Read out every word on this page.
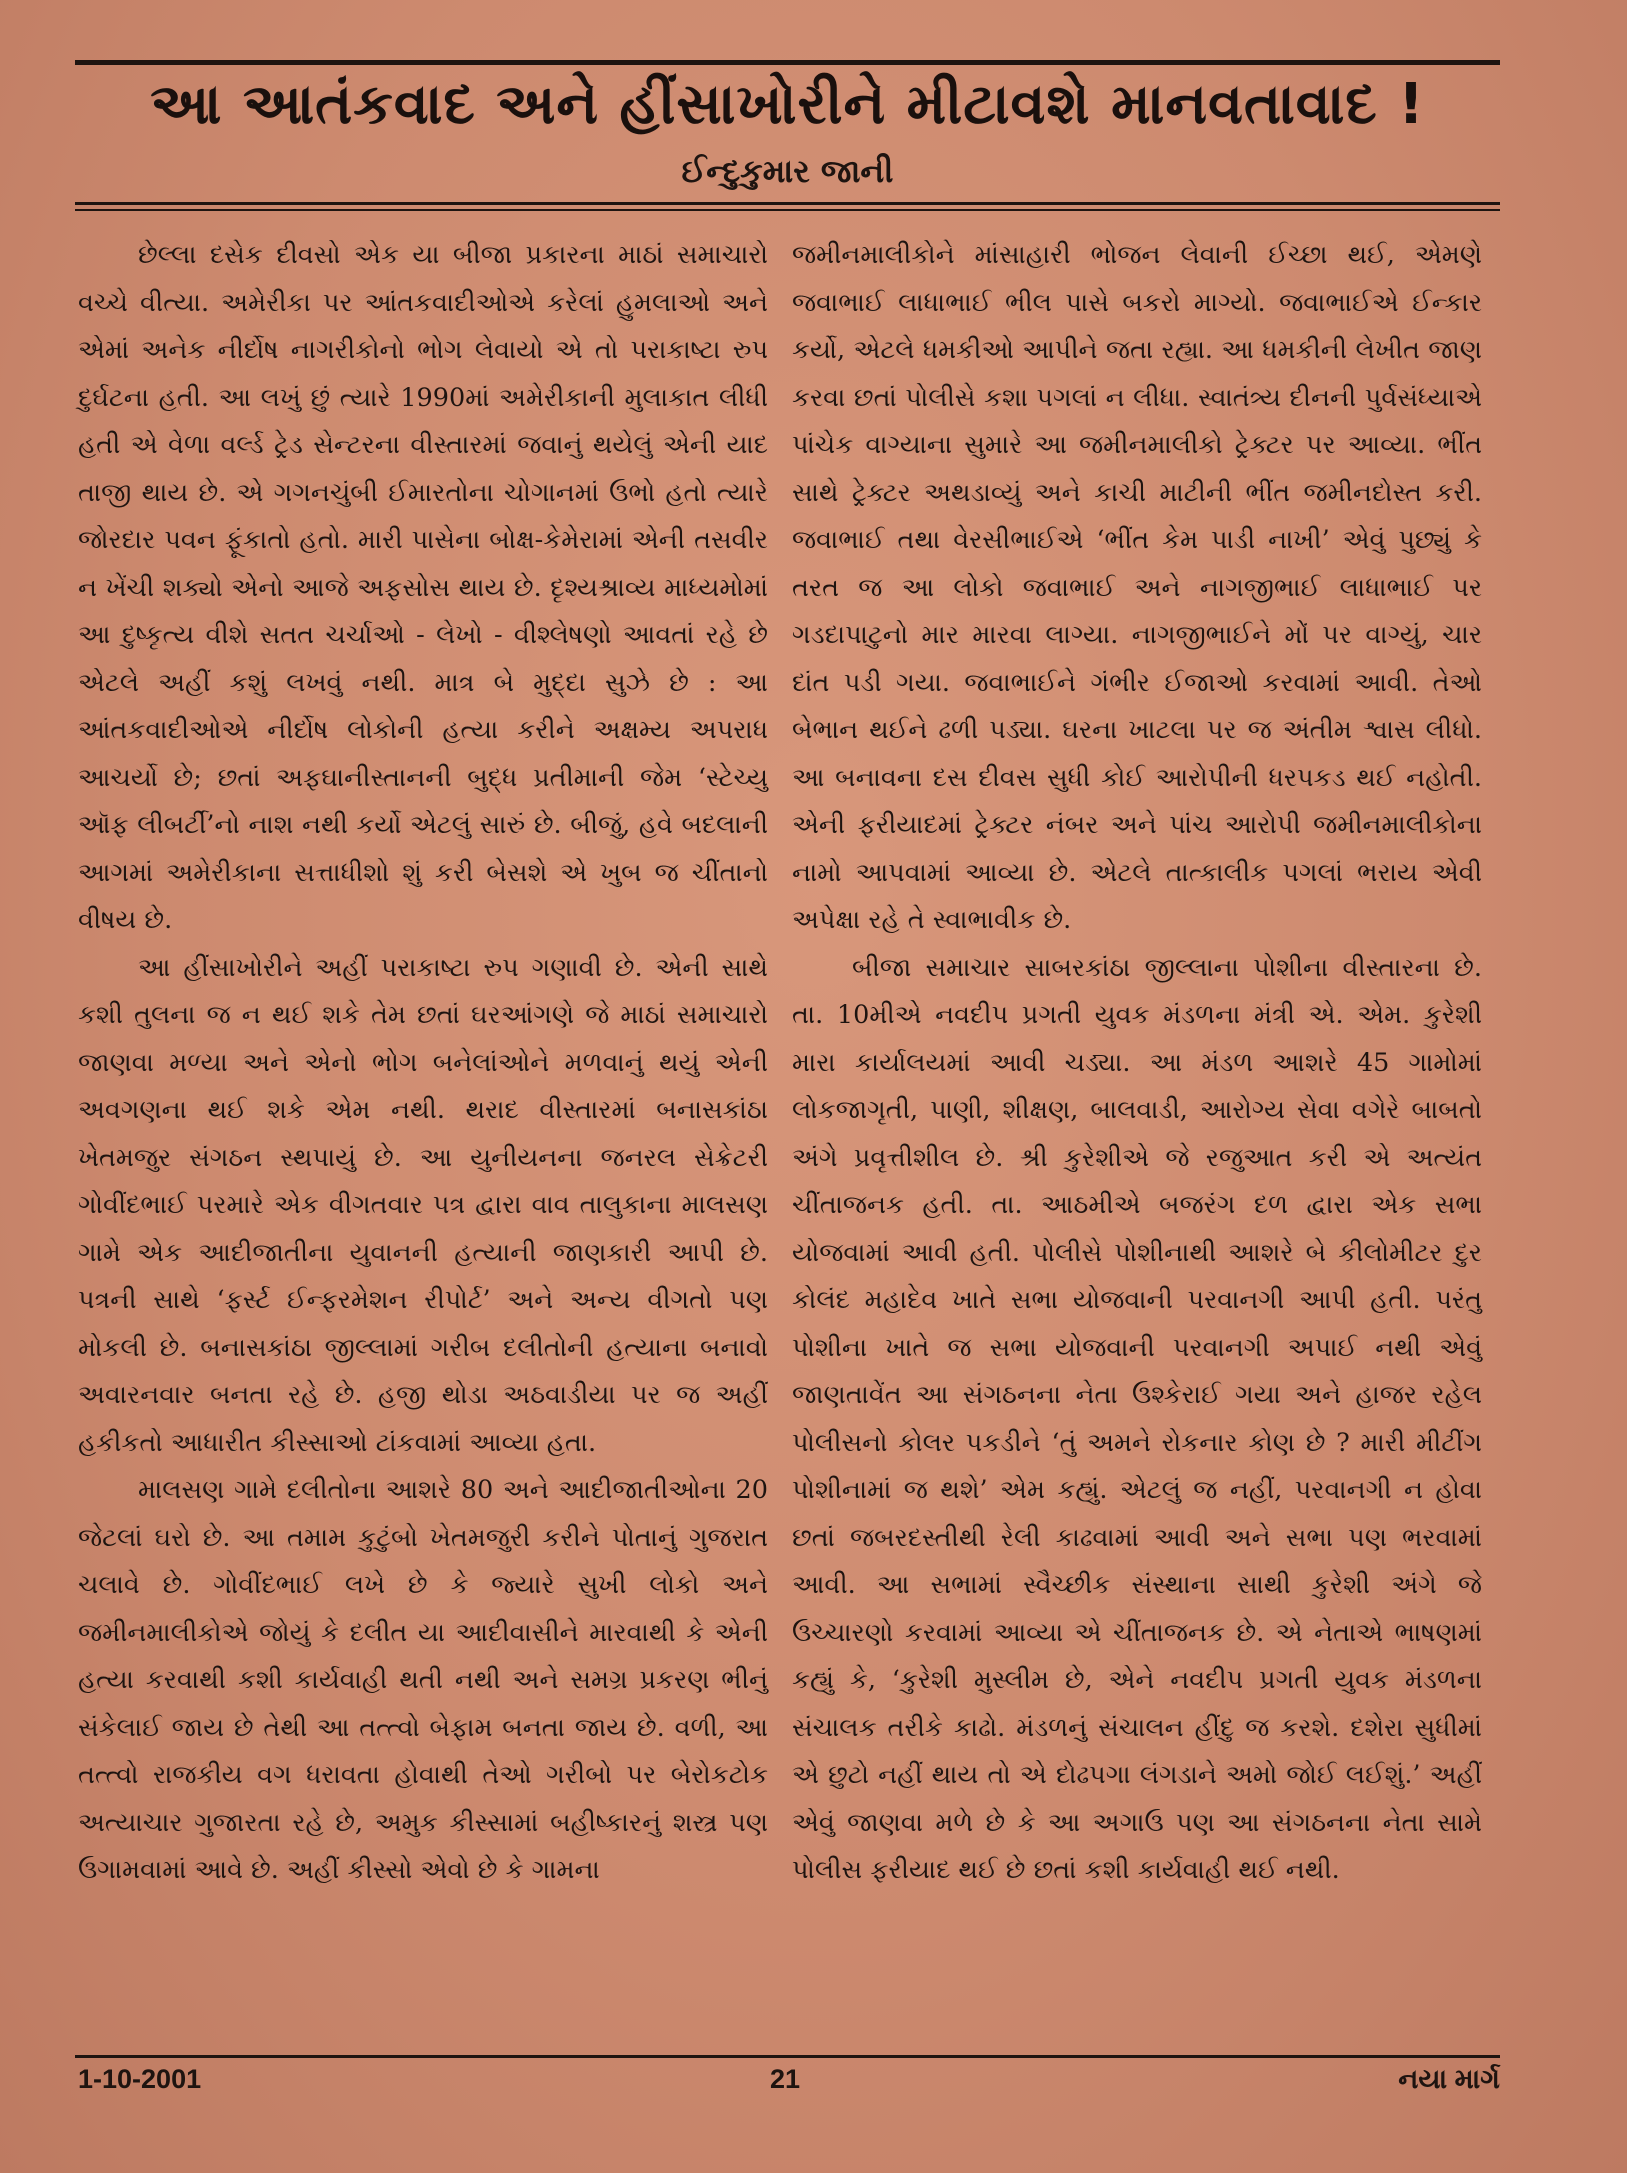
આ આતંકવાદ અને હીંસાખોરીને મીટાવશે માનવતાવાદ !
ઈન્દુકુમાર જાની

છેલ્લા દસેક દીવસો એક યા બીજા પ્રકારના માઠાં સમાચારો વચ્ચે વીત્યા. અમેરીકા પર આંતકવાદીઓએ કરેલાં હુમલાઓ અને એમાં અનેક નીર્દોષ નાગરીકોનો ભોગ લેવાયો એ તો પરાકાષ્ટા રુપ દુર્ઘટના હતી. આ લખું છું ત્યારે 1990માં અમેરીકાની મુલાકાત લીધી હતી એ વેળા વર્લ્ડ ટ્રેડ સેન્ટરના વીસ્તારમાં જવાનું થયેલું એની યાદ તાજી થાય છે. એ ગગનચુંબી ઈમારતોના ચોગાનમાં ઉભો હતો ત્યારે જોરદાર પવન ફૂંકાતો હતો. મારી પાસેના બોક્ષ-કેમેરામાં એની તસવીર ન ખેંચી શક્યો એનો આજે અફસોસ થાય છે. દૃશ્યશ્રાવ્ય માધ્યમોમાં આ દુષ્કૃત્ય વીશે સતત ચર્ચાઓ - લેખો - વીશ્લેષણો આવતાં રહે છે એટલે અહીં કશું લખવું નથી. માત્ર બે મુદ્દા સુઝે છે : આ આંતકવાદીઓએ નીર્દોષ લોકોની હત્યા કરીને અક્ષમ્ય અપરાધ આચર્યો છે; છતાં અફઘાનીસ્તાનની બુદ્ધ પ્રતીમાની જેમ ‘સ્ટેચ્યુ ઑફ લીબર્ટી’નો નાશ નથી કર્યો એટલું સારું છે. બીજું, હવે બદલાની આગમાં અમેરીકાના સત્તાધીશો શું કરી બેસશે એ ખુબ જ ચીંતાનો વીષય છે.

આ હીંસાખોરીને અહીં પરાકાષ્ટા રુપ ગણાવી છે. એની સાથે કશી તુલના જ ન થઈ શકે તેમ છતાં ઘરઆંગણે જે માઠાં સમાચારો જાણવા મળ્યા અને એનો ભોગ બનેલાંઓને મળવાનું થયું એની અવગણના થઈ શકે એમ નથી. થરાદ વીસ્તારમાં બનાસકાંઠા ખેતમજુર સંગઠન સ્થપાયું છે. આ યુનીયનના જનરલ સેક્રેટરી ગોવીંદભાઈ પરમારે એક વીગતવાર પત્ર દ્વારા વાવ તાલુકાના માલસણ ગામે એક આદીજાતીના યુવાનની હત્યાની જાણકારી આપી છે. પત્રની સાથે ‘ફર્સ્ટ ઈન્ફરમેશન રીપોર્ટ’ અને અન્ય વીગતો પણ મોકલી છે. બનાસકાંઠા જીલ્લામાં ગરીબ દલીતોની હત્યાના બનાવો અવારનવાર બનતા રહે છે. હજી થોડા અઠવાડીયા પર જ અહીં હકીકતો આધારીત કીસ્સાઓ ટાંકવામાં આવ્યા હતા.

માલસણ ગામે દલીતોના આશરે 80 અને આદીજાતીઓના 20 જેટલાં ઘરો છે. આ તમામ કુટુંબો ખેતમજુરી કરીને પોતાનું ગુજરાત ચલાવે છે. ગોવીંદભાઈ લખે છે કે જ્યારે સુખી લોકો અને જમીનમાલીકોએ જોયું કે દલીત યા આદીવાસીને મારવાથી કે એની હત્યા કરવાથી કશી કાર્યવાહી થતી નથી અને સમગ્ર પ્રકરણ ભીનું સંકેલાઈ જાય છે તેથી આ તત્ત્વો બેફામ બનતા જાય છે. વળી, આ તત્ત્વો રાજકીય વગ ધરાવતા હોવાથી તેઓ ગરીબો પર બેરોકટોક અત્યાચાર ગુજારતા રહે છે, અમુક કીસ્સામાં બહીષ્કારનું શસ્ત્ર પણ ઉગામવામાં આવે છે. અહીં કીસ્સો એવો છે કે ગામના

જમીનમાલીકોને માંસાહારી ભોજન લેવાની ઈચ્છા થઈ, એમણે જવાભાઈ લાધાભાઈ ભીલ પાસે બકરો માગ્યો. જવાભાઈએ ઈન્કાર કર્યો, એટલે ધમકીઓ આપીને જતા રહ્યા. આ ધમકીની લેખીત જાણ કરવા છતાં પોલીસે કશા પગલાં ન લીધા. સ્વાતંત્ર્ય દીનની પુર્વસંધ્યાએ પાંચેક વાગ્યાના સુમારે આ જમીનમાલીકો ટ્રેક્ટર પર આવ્યા. ભીંત સાથે ટ્રેક્ટર અથડાવ્યું અને કાચી માટીની ભીંત જમીનદોસ્ત કરી. જવાભાઈ તથા વેરસીભાઈએ ‘ભીંત કેમ પાડી નાખી’ એવું પુછ્યું કે તરત જ આ લોકો જવાભાઈ અને નાગજીભાઈ લાધાભાઈ પર ગડદાપાટુનો માર મારવા લાગ્યા. નાગજીભાઈને મોં પર વાગ્યું, ચાર દાંત પડી ગયા. જવાભાઈને ગંભીર ઈજાઓ કરવામાં આવી. તેઓ બેભાન થઈને ઢળી પડ્યા. ઘરના ખાટલા પર જ અંતીમ શ્વાસ લીધો. આ બનાવના દસ દીવસ સુધી કોઈ આરોપીની ધરપકડ થઈ નહોતી. એની ફરીયાદમાં ટ્રેક્ટર નંબર અને પાંચ આરોપી જમીનમાલીકોના નામો આપવામાં આવ્યા છે. એટલે તાત્કાલીક પગલાં ભરાય એવી અપેક્ષા રહે તે સ્વાભાવીક છે.

બીજા સમાચાર સાબરકાંઠા જીલ્લાના પોશીના વીસ્તારના છે. તા. 10મીએ નવદીપ પ્રગતી યુવક મંડળના મંત્રી એ. એમ. કુરેશી મારા કાર્યાલયમાં આવી ચડ્યા. આ મંડળ આશરે 45 ગામોમાં લોકજાગૃતી, પાણી, શીક્ષણ, બાલવાડી, આરોગ્ય સેવા વગેરે બાબતો અંગે પ્રવૃત્તીશીલ છે. શ્રી કુરેશીએ જે રજુઆત કરી એ અત્યંત ચીંતાજનક હતી. તા. આઠમીએ બજરંગ દળ દ્વારા એક સભા યોજવામાં આવી હતી. પોલીસે પોશીનાથી આશરે બે કીલોમીટર દુર કોલંદ મહાદેવ ખાતે સભા યોજવાની પરવાનગી આપી હતી. પરંતુ પોશીના ખાતે જ સભા યોજવાની પરવાનગી અપાઈ નથી એવું જાણતાવેંત આ સંગઠનના નેતા ઉશ્કેરાઈ ગયા અને હાજર રહેલ પોલીસનો કોલર પકડીને ‘તું અમને રોકનાર કોણ છે ? મારી મીટીંગ પોશીનામાં જ થશે’ એમ કહ્યું. એટલું જ નહીં, પરવાનગી ન હોવા છતાં જબરદસ્તીથી રેલી કાઢવામાં આવી અને સભા પણ ભરવામાં આવી. આ સભામાં સ્વૈચ્છીક સંસ્થાના સાથી કુરેશી અંગે જે ઉચ્ચારણો કરવામાં આવ્યા એ ચીંતાજનક છે. એ નેતાએ ભાષણમાં કહ્યું કે, ‘કુરેશી મુસ્લીમ છે, એને નવદીપ પ્રગતી યુવક મંડળના સંચાલક તરીકે કાઢો. મંડળનું સંચાલન હીંદુ જ કરશે. દશેરા સુધીમાં એ છુટો નહીં થાય તો એ દોઢપગા લંગડાને અમો જોઈ લઈશું.’ અહીં એવું જાણવા મળે છે કે આ અગાઉ પણ આ સંગઠનના નેતા સામે પોલીસ ફરીયાદ થઈ છે છતાં કશી કાર્યવાહી થઈ નથી.

1-10-2001	21	નયા માર્ગ
